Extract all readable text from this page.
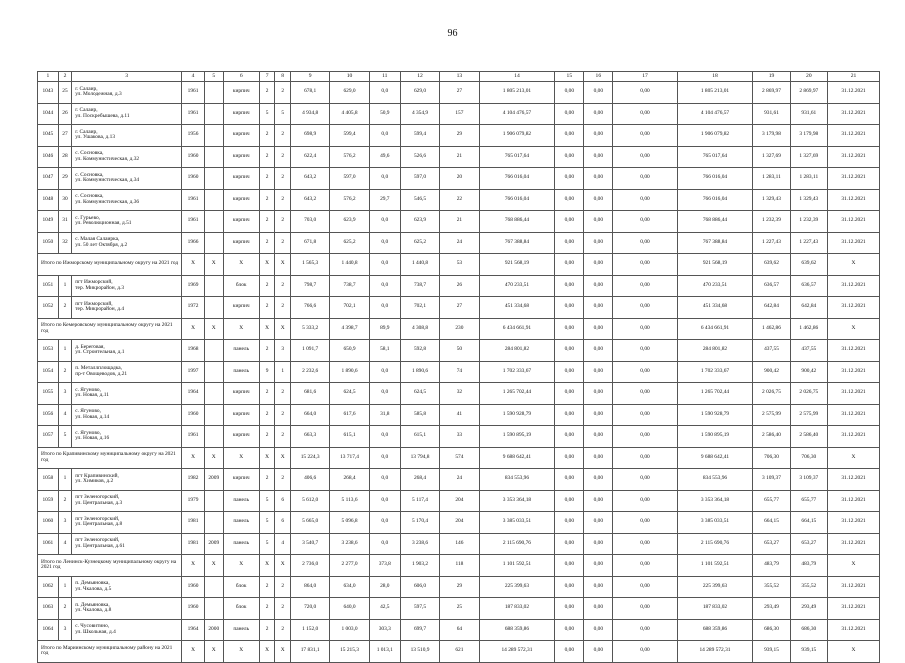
96
1	2	3	4	5	6	7	8	9	10	11	12	13	14	15	16	17	18	19	20	21
1043	25	г. Салаир,
ул. Молодежная, д.3	1961		кирпич	2	2	678,1	629,0	0,0	629,0	27	1 805 213,01	0,00	0,00	0,00	1 805 213,01	2 869,97	2 869,97	31.12.2021
1044	26	г. Салаир,
ул. Поскребышева, д.11	1961		кирпич	5	5	4 934,8	4 405,8	50,9	4 354,9	157	4 104 476,57	0,00	0,00	0,00	4 104 476,57	931,61	931,61	31.12.2021
1045	27	г. Салаир,
ул. Ушакова, д.13	1956		кирпич	2	2	698,9	599,4	0,0	599,4	29	1 906 079,82	0,00	0,00	0,00	1 906 079,82	3 179,98	3 179,98	31.12.2021
1046	28	с. Сосновка,
ул. Коммунистическая, д.32	1960		кирпич	2	2	622,4	576,2	49,6	526,6	21	765 017,64	0,00	0,00	0,00	765 017,64	1 327,69	1 327,69	31.12.2021
1047	29	с. Сосновка,
ул. Коммунистическая, д.34	1960		кирпич	2	2	643,2	597,0	0,0	597,0	20	766 016,04	0,00	0,00	0,00	766 016,04	1 283,11	1 283,11	31.12.2021
1048	30	с. Сосновка,
ул. Коммунистическая, д.36	1961		кирпич	2	2	643,2	576,2	29,7	546,5	22	766 016,04	0,00	0,00	0,00	766 016,04	1 329,43	1 329,43	31.12.2021
1049	31	с. Гурьево,
ул. Революционная, д.51	1961		кирпич	2	2	703,0	623,9	0,0	623,9	21	768 886,44	0,00	0,00	0,00	768 886,44	1 232,39	1 232,39	31.12.2021
1050	32	с. Малая Салаирка,
ул. 50 лет Октября, д.2	1966		кирпич	2	2	671,8	625,2	0,0	625,2	24	767 388,84	0,00	0,00	0,00	767 388,84	1 227,43	1 227,43	31.12.2021
Итого по Ижморскому муниципальному округу на 2021 год			X	X	X	X	X	1 565,3	1 440,8	0,0	1 440,8	53	921 568,19	0,00	0,00	0,00	921 568,19	639,62	639,62	X
1051	1	пгт Ижморский,
тер. Микрорайон, д.3	1969		блок	2	2	798,7	738,7	0,0	738,7	26	470 233,51	0,00	0,00	0,00	470 233,51	636,57	636,57	31.12.2021
1052	2	пгт Ижморский,
тер. Микрорайон, д.4	1972		кирпич	2	2	766,6	702,1	0,0	702,1	27	451 334,68	0,00	0,00	0,00	451 334,68	642,84	642,84	31.12.2021
Итого по Кемеровскому муниципальному округу на 2021 год			X	X	X	X	X	5 333,2	4 398,7	89,9	4 308,8	230	6 434 661,91	0,00	0,00	0,00	6 434 661,91	1 462,86	1 462,86	X
1053	1	д. Береговая,
ул. Строительная, д.1	1968		панель	2	3	1 091,7	650,9	58,1	592,8	50	284 801,82	0,00	0,00	0,00	284 801,82	437,55	437,55	31.12.2021
1054	2	п. Металлплощадка,
пр-т Овощеводов, д.21	1997		панель	9	1	2 232,6	1 890,6	0,0	1 890,6	74	1 702 333,67	0,00	0,00	0,00	1 702 333,67	900,42	900,42	31.12.2021
1055	3	с. Ягуново,
ул. Новая, д.11	1964		кирпич	2	2	681,6	624,5	0,0	624,5	32	1 265 702,44	0,00	0,00	0,00	1 265 702,44	2 026,75	2 026,75	31.12.2021
1056	4	с. Ягуново,
ул. Новая, д.14	1960		кирпич	2	2	664,0	617,6	31,8	585,8	41	1 590 928,79	0,00	0,00	0,00	1 590 928,79	2 575,99	2 575,99	31.12.2021
1057	5	с. Ягуново,
ул. Новая, д.16	1961		кирпич	2	2	663,3	615,1	0,0	615,1	33	1 590 895,19	0,00	0,00	0,00	1 590 895,19	2 586,40	2 586,40	31.12.2021
Итого по Крапивинскому муниципальному округу на 2021 год			X	X	X	X	X	15 224,3	13 717,4	0,0	13 794,8	574	9 688 642,41	0,00	0,00	0,00	9 688 642,41	706,30	706,30	X
1058	1	пгт Крапивинский,
ул. Химиков, д.2	1982	2009	кирпич	2	2	406,6	268,4	0,0	268,4	24	834 553,96	0,00	0,00	0,00	834 553,96	3 109,37	3 109,37	31.12.2021
1059	2	пгт Зеленогорский,
ул. Центральная, д.3	1979		панель	5	6	5 612,0	5 113,6	0,0	5 117,4	204	3 353 364,18	0,00	0,00	0,00	3 353 364,18	655,77	655,77	31.12.2021
1060	3	пгт Зеленогорский,
ул. Центральная, д.8	1981		панель	5	6	5 665,0	5 096,8	0,0	5 170,4	204	3 385 033,51	0,00	0,00	0,00	3 385 033,51	664,15	664,15	31.12.2021
1061	4	пгт Зеленогорский,
ул. Центральная, д.61	1981	2009	панель	5	4	3 540,7	3 238,6	0,0	3 238,6	146	2 115 690,76	0,00	0,00	0,00	2 115 690,76	653,27	653,27	31.12.2021
Итого по Ленинск-Кузнецкому муниципальному округу на 2021 год			X	X	X	X	X	2 736,0	2 277,0	373,8	1 903,2	118	1 101 592,51	0,00	0,00	0,00	1 101 592,51	483,79	483,79	X
1062	1	п. Демьяновка,
ул. Чкалова, д.5	1960		блок	2	2	864,0	634,0	28,0	606,0	29	225 399,63	0,00	0,00	0,00	225 399,63	355,52	355,52	31.12.2021
1063	2	п. Демьяновка,
ул. Чкалова, д.8	1960		блок	2	2	720,0	640,0	42,5	597,5	25	187 833,02	0,00	0,00	0,00	187 833,02	293,49	293,49	31.12.2021
1064	3	с. Чусовитино,
ул. Школьная, д.4	1964	2000	панель	2	2	1 152,0	1 003,0	303,3	699,7	64	688 359,86	0,00	0,00	0,00	688 359,86	686,30	686,30	31.12.2021
Итого по Мариинскому муниципальному району на 2021 год			X	X	X	X	X	17 831,1	15 215,3	1 013,1	13 510,9	621	14 289 572,31	0,00	0,00	0,00	14 289 572,31	939,15	939,15	X
